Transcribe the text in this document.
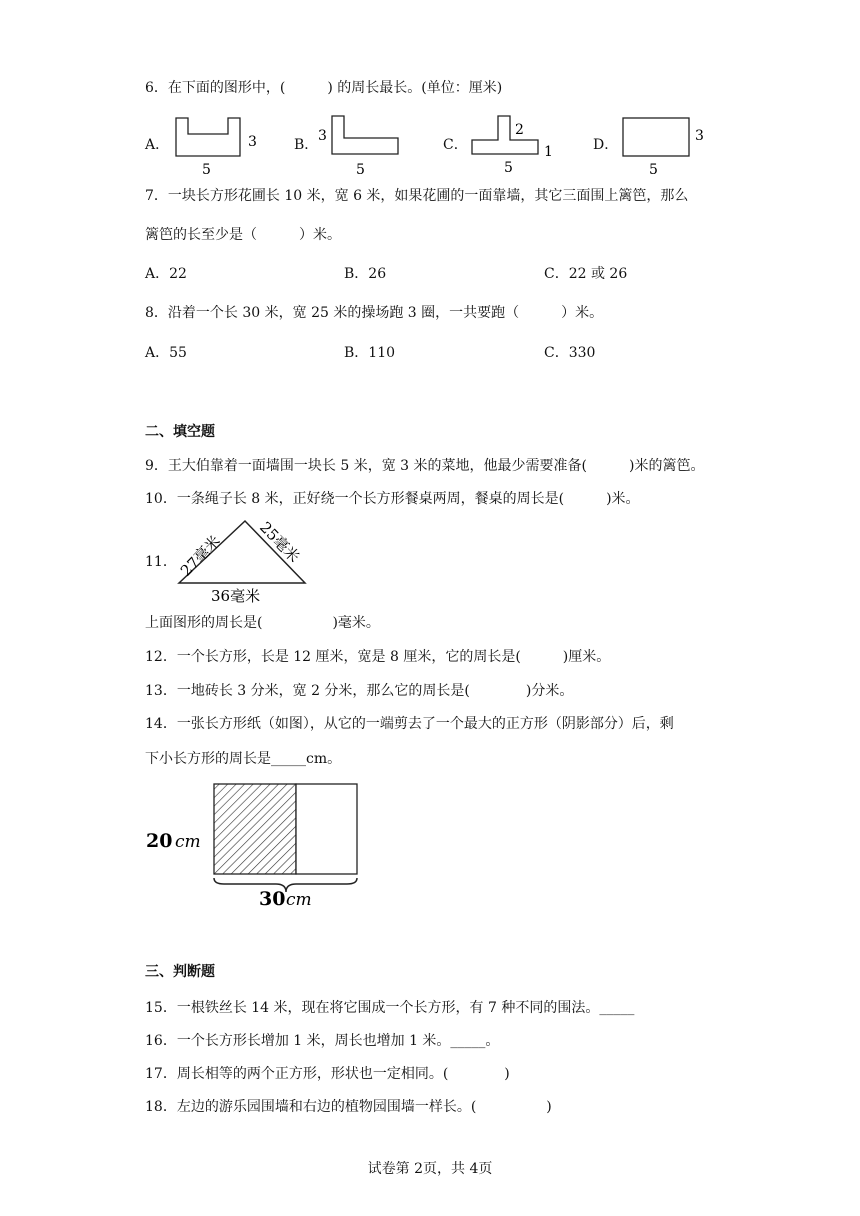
6．在下面的图形中，(　　　) 的周长最长。(单位：厘米)
A．	3
5
B．
3
5
C．
2
1
5
D．
3
5
7．一块长方形花圃长 10 米，宽 6 米，如果花圃的一面靠墙，其它三面围上篱笆，那么
篱笆的长至少是（　　　）米。
A．22	B．26	C．22 或 26
8．沿着一个长 30 米，宽 25 米的操场跑 3 圈，一共要跑（　　　）米。
A．55	B．110	C．330
二、填空题
9．王大伯靠着一面墙围一块长 5 米，宽 3 米的菜地，他最少需要准备(　　　)米的篱笆。
10．一条绳子长 8 米，正好绕一个长方形餐桌两周，餐桌的周长是(　　　)米。
11． 27毫米 25毫米
36毫米
上面图形的周长是(　　　　　)毫米。
12．一个长方形，长是 12 厘米，宽是 8 厘米，它的周长是(　　　)厘米。
13．一地砖长 3 分米，宽 2 分米，那么它的周长是(　　　　)分米。
14．一张长方形纸（如图），从它的一端剪去了一个最大的正方形（阴影部分）后，剩
下小长方形的周长是_____cm。
20 cm
30 cm
三、判断题
15．一根铁丝长 14 米，现在将它围成一个长方形，有 7 种不同的围法。_____
16．一个长方形长增加 1 米，周长也增加 1 米。_____。
17．周长相等的两个正方形，形状也一定相同。(　　　　)
18．左边的游乐园围墙和右边的植物园围墙一样长。(　　　　　)
试卷第 2页，共 4页
